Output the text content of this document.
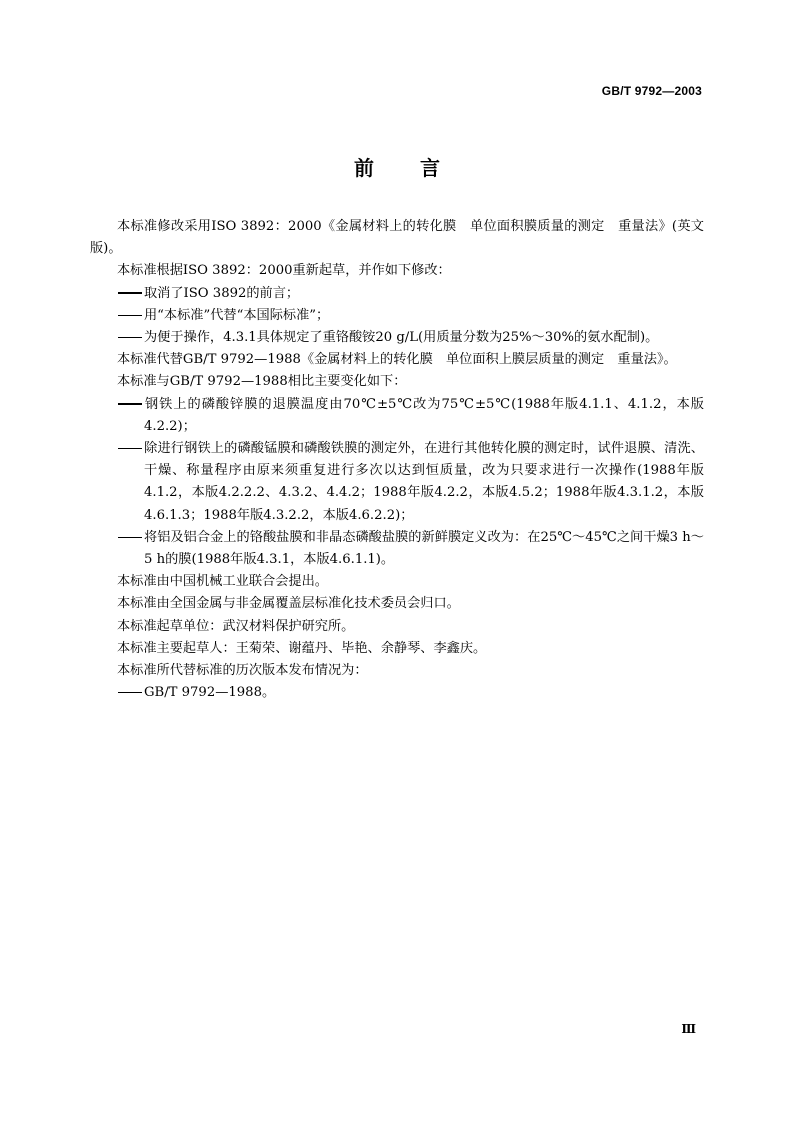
GB/T 9792—2003
前 言

本标准修改采用ISO 3892：2000《金属材料上的转化膜　单位面积膜质量的测定　重量法》(英文版)。

本标准根据ISO 3892：2000重新起草，并作如下修改：

取消了ISO 3892的前言；

用“本标准”代替“本国际标准”；

为便于操作，4.3.1具体规定了重铬酸铵20 g/L(用质量分数为25%～30%的氨水配制)。

本标准代替GB/T 9792—1988《金属材料上的转化膜　单位面积上膜层质量的测定　重量法》。

本标准与GB/T 9792—1988相比主要变化如下：

钢铁上的磷酸锌膜的退膜温度由70℃±5℃改为75℃±5℃(1988年版4.1.1、4.1.2，本版4.2.2)；

除进行钢铁上的磷酸锰膜和磷酸铁膜的测定外，在进行其他转化膜的测定时，试件退膜、清洗、干燥、称量程序由原来须重复进行多次以达到恒质量，改为只要求进行一次操作(1988年版4.1.2，本版4.2.2.2、4.3.2、4.4.2；1988年版4.2.2，本版4.5.2；1988年版4.3.1.2，本版4.6.1.3；1988年版4.3.2.2，本版4.6.2.2)；

将铝及铝合金上的铬酸盐膜和非晶态磷酸盐膜的新鲜膜定义改为：在25℃～45℃之间干燥3 h～5 h的膜(1988年版4.3.1，本版4.6.1.1)。

本标准由中国机械工业联合会提出。

本标准由全国金属与非金属覆盖层标准化技术委员会归口。

本标准起草单位：武汉材料保护研究所。

本标准主要起草人：王菊荣、谢蕴丹、毕艳、余静琴、李鑫庆。

本标准所代替标准的历次版本发布情况为：

GB/T 9792—1988。

Ⅲ
